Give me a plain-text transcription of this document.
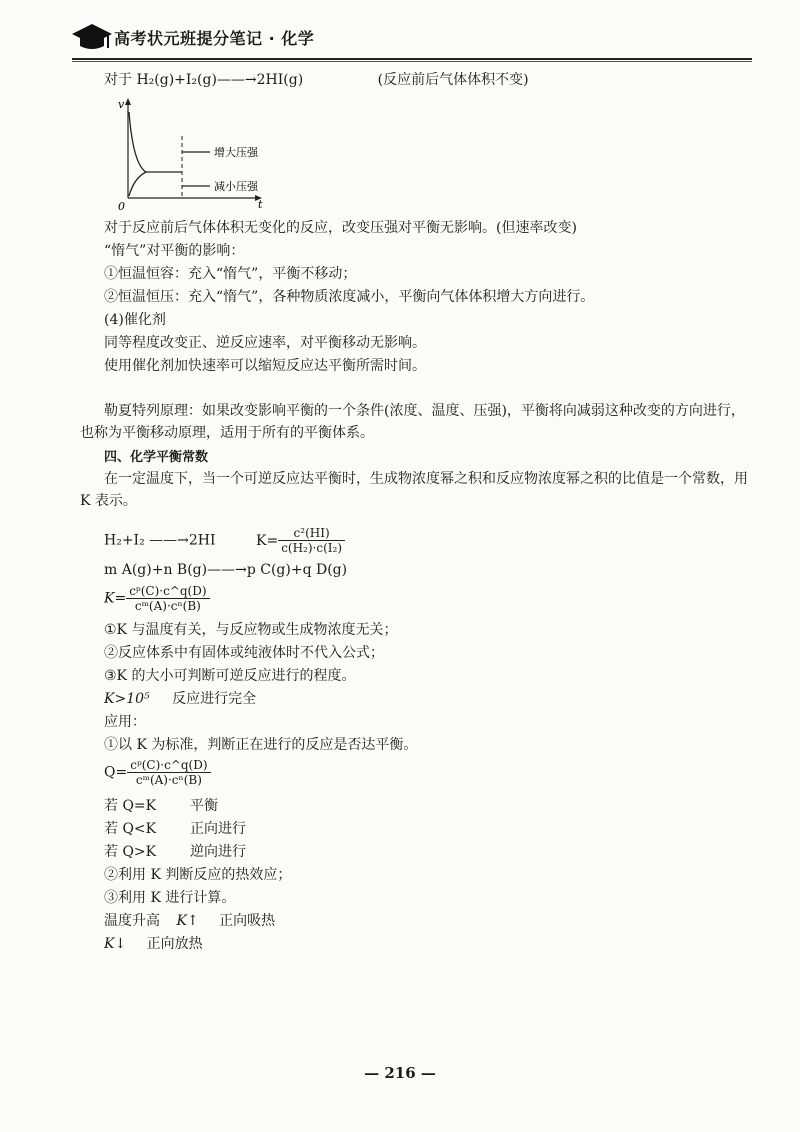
高考状元班提分笔记 · 化学
对于 H₂(g)+I₂(g)——→2HI(g)	(反应前后气体体积不变)
v
t
0
增大压强
减小压强
对于反应前后气体体积无变化的反应，改变压强对平衡无影响。(但速率改变)
“惰气”对平衡的影响：
①恒温恒容：充入“惰气”，平衡不移动；
②恒温恒压：充入“惰气”，各种物质浓度减小，平衡向气体体积增大方向进行。
(4)催化剂
同等程度改变正、逆反应速率，对平衡移动无影响。
使用催化剂加快速率可以缩短反应达平衡所需时间。
勒夏特列原理：如果改变影响平衡的一个条件(浓度、温度、压强)，平衡将向减弱这种改变的方向进行，也称为平衡移动原理，适用于所有的平衡体系。
四、化学平衡常数
在一定温度下，当一个可逆反应达平衡时，生成物浓度幂之积和反应物浓度幂之积的比值是一个常数，用 K 表示。
H₂+I₂ ——→2HI	$K= \frac{\text{c²(HI)}}{\text{c(H₂)·c(I₂)}}$
m A(g)+n B(g)——→p C(g)+q D(g)
$K= \frac{\text{cᵖ(C)·c\textasciicircum{}q(D)}}{\text{cᵐ(A)·cⁿ(B)}}$
①K 与温度有关，与反应物或生成物浓度无关；
②反应体系中有固体或纯液体时不代入公式；
③K 的大小可判断可逆反应进行的程度。
K>10⁵ 反应进行完全
应用：
①以 K 为标准，判断正在进行的反应是否达平衡。
$Q= \frac{\text{cᵖ(C)·c\textasciicircum{}q(D)}}{\text{cᵐ(A)·cⁿ(B)}}$
若 Q=K 平衡
若 Q<K 正向进行
若 Q>K 逆向进行
②利用 K 判断反应的热效应；
③利用 K 进行计算。
温度升高 K↑ 正向吸热
K↓ 正向放热
— 216 —
